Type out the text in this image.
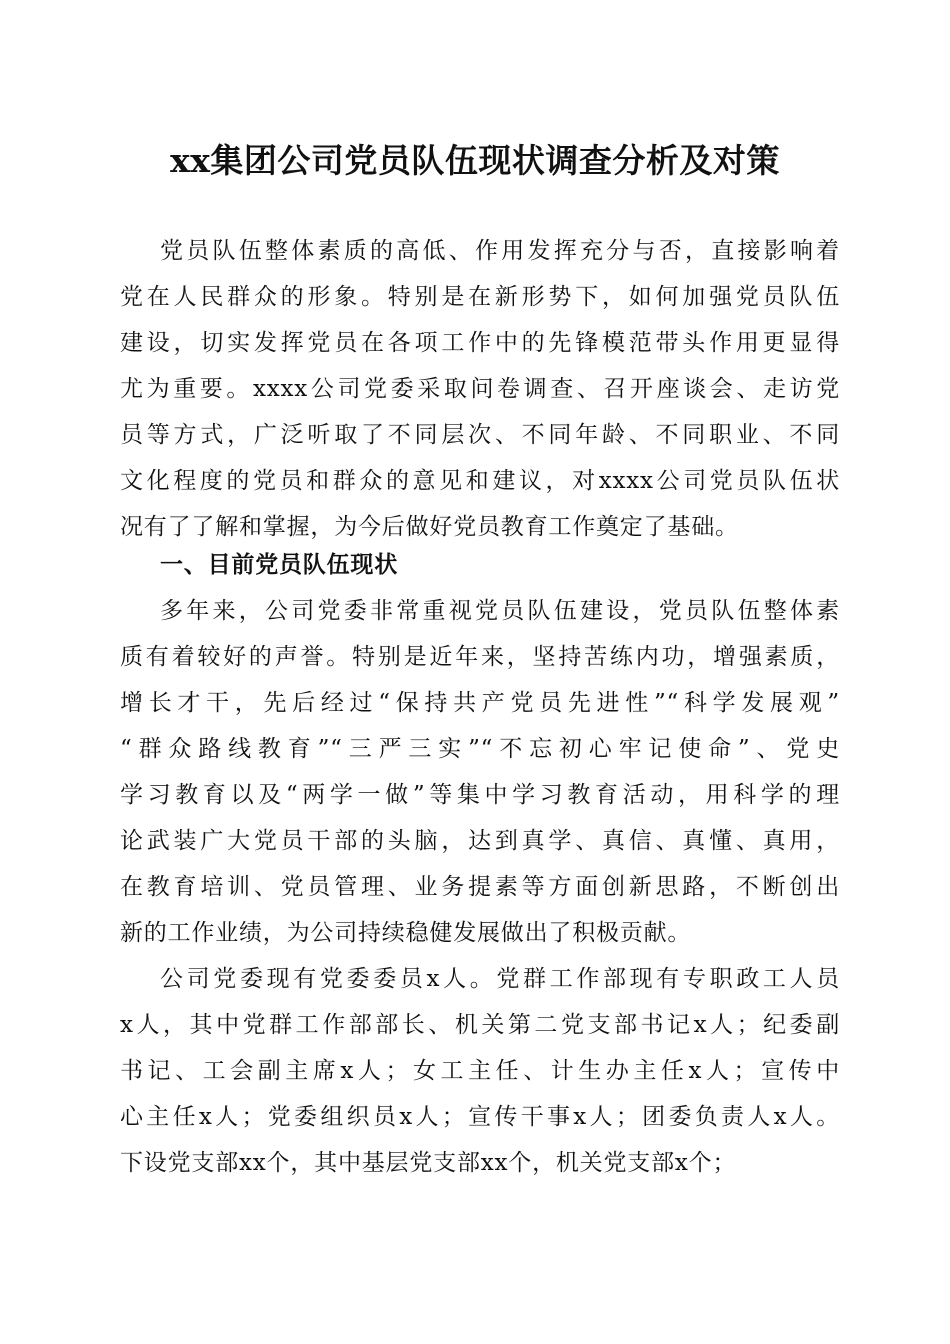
xx集团公司党员队伍现状调查分析及对策
党员队伍整体素质的高低、作用发挥充分与否，直接影响着
党在人民群众的形象。特别是在新形势下，如何加强党员队伍
建设，切实发挥党员在各项工作中的先锋模范带头作用更显得
尤为重要。xxxx公司党委采取问卷调查、召开座谈会、走访党
员等方式，广泛听取了不同层次、不同年龄、不同职业、不同
文化程度的党员和群众的意见和建议，对xxxx公司党员队伍状
况有了了解和掌握，为今后做好党员教育工作奠定了基础。
一、目前党员队伍现状
多年来，公司党委非常重视党员队伍建设，党员队伍整体素
质有着较好的声誉。特别是近年来，坚持苦练内功，增强素质，
增长才干，先后经过“保持共产党员先进性”“科学发展观”
“群众路线教育”“三严三实”“不忘初心牢记使命”、党史
学习教育以及“两学一做”等集中学习教育活动，用科学的理
论武装广大党员干部的头脑，达到真学、真信、真懂、真用，
在教育培训、党员管理、业务提素等方面创新思路，不断创出
新的工作业绩，为公司持续稳健发展做出了积极贡献。
公司党委现有党委委员x人。党群工作部现有专职政工人员
x人，其中党群工作部部长、机关第二党支部书记x人；纪委副
书记、工会副主席x人；女工主任、计生办主任x人；宣传中
心主任x人；党委组织员x人；宣传干事x人；团委负责人x人。
下设党支部xx个，其中基层党支部xx个，机关党支部x个；
